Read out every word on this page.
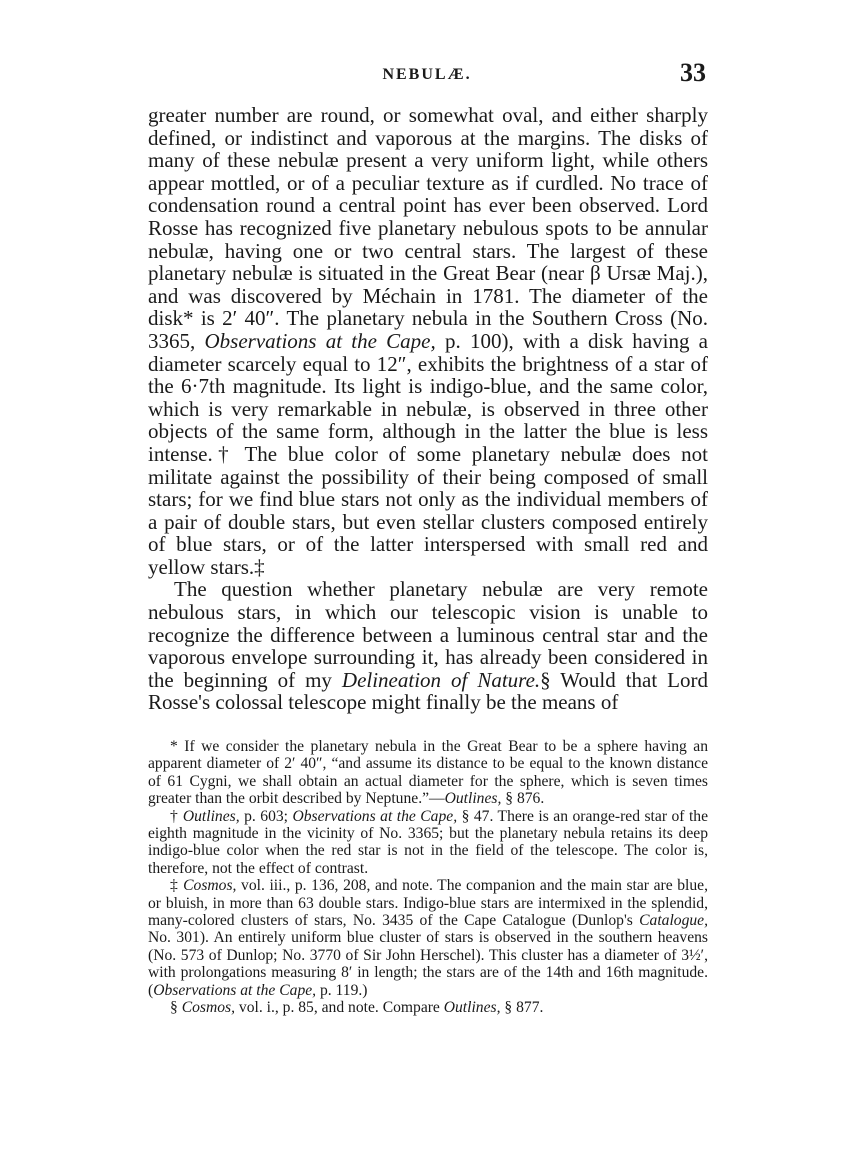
NEBULÆ.	33

greater number are round, or somewhat oval, and either sharply defined, or indistinct and vaporous at the margins. The disks of many of these nebulæ present a very uniform light, while others appear mottled, or of a peculiar texture as if curdled. No trace of condensation round a central point has ever been observed. Lord Rosse has recognized five planetary nebulous spots to be annular nebulæ, having one or two central stars. The largest of these planetary nebulæ is situated in the Great Bear (near β Ursæ Maj.), and was discovered by Méchain in 1781. The diameter of the disk* is 2′ 40″. The planetary nebula in the Southern Cross (No. 3365, Observations at the Cape, p. 100), with a disk having a diameter scarcely equal to 12″, exhibits the brightness of a star of the 6·7th magnitude. Its light is indigo-blue, and the same color, which is very remarkable in nebulæ, is observed in three other objects of the same form, although in the latter the blue is less intense.† The blue color of some planetary nebulæ does not militate against the possibility of their being composed of small stars; for we find blue stars not only as the individual members of a pair of double stars, but even stellar clusters composed entirely of blue stars, or of the latter interspersed with small red and yellow stars.‡

The question whether planetary nebulæ are very remote nebulous stars, in which our telescopic vision is unable to recognize the difference between a luminous central star and the vaporous envelope surrounding it, has already been considered in the beginning of my Delineation of Nature.§ Would that Lord Rosse's colossal telescope might finally be the means of

* If we consider the planetary nebula in the Great Bear to be a sphere having an apparent diameter of 2′ 40″, “and assume its distance to be equal to the known distance of 61 Cygni, we shall obtain an actual diameter for the sphere, which is seven times greater than the orbit described by Neptune.”—Outlines, § 876.

† Outlines, p. 603; Observations at the Cape, § 47. There is an orange-red star of the eighth magnitude in the vicinity of No. 3365; but the planetary nebula retains its deep indigo-blue color when the red star is not in the field of the telescope. The color is, therefore, not the effect of contrast.

‡ Cosmos, vol. iii., p. 136, 208, and note. The companion and the main star are blue, or bluish, in more than 63 double stars. Indigo-blue stars are intermixed in the splendid, many-colored clusters of stars, No. 3435 of the Cape Catalogue (Dunlop's Catalogue, No. 301). An entirely uniform blue cluster of stars is observed in the southern heavens (No. 573 of Dunlop; No. 3770 of Sir John Herschel). This cluster has a diameter of 3½′, with prolongations measuring 8′ in length; the stars are of the 14th and 16th magnitude. (Observations at the Cape, p. 119.)

§ Cosmos, vol. i., p. 85, and note. Compare Outlines, § 877.
